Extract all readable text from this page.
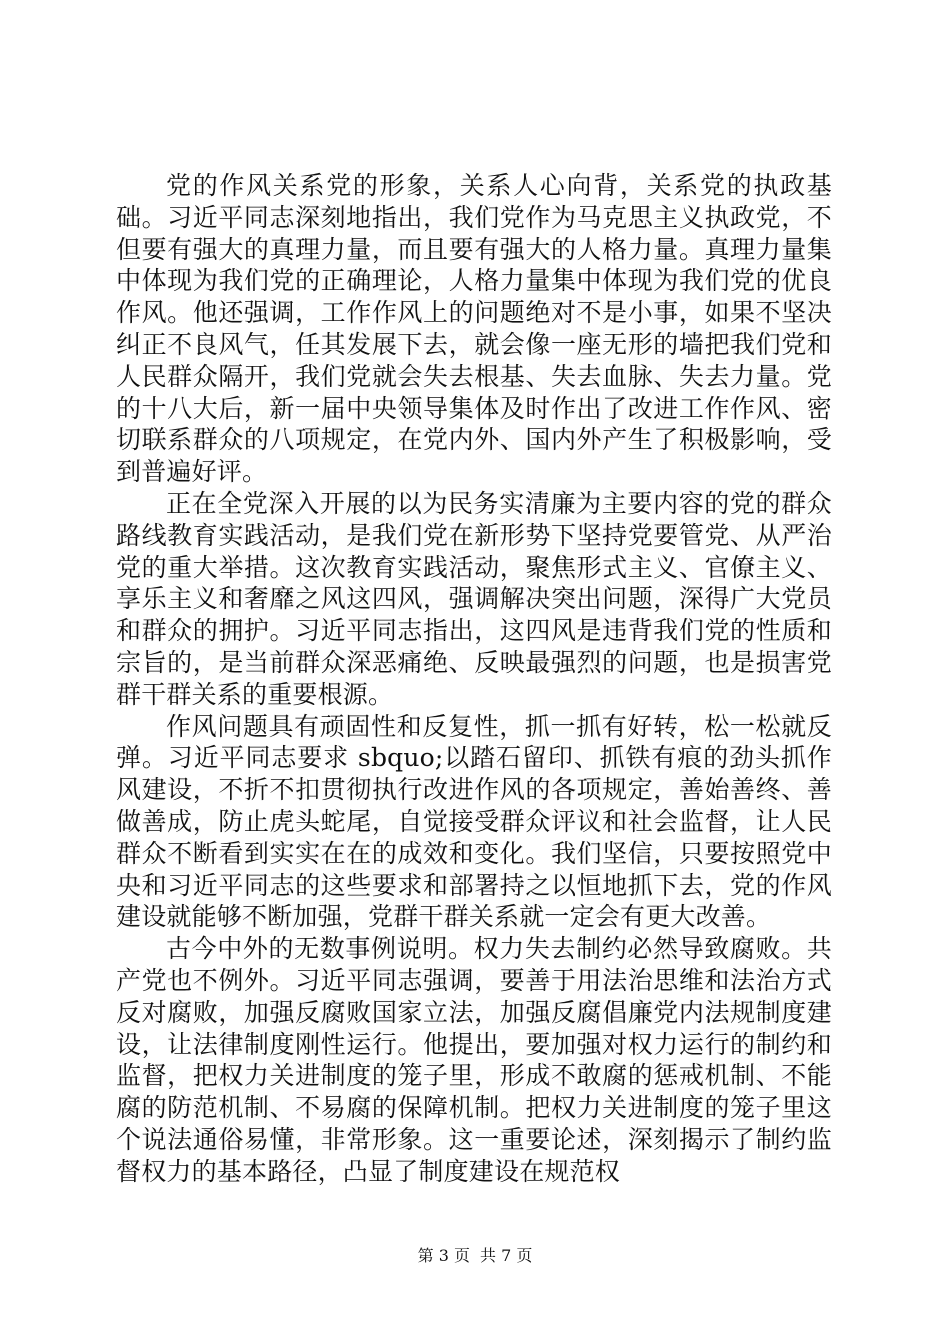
党的作风关系党的形象，关系人心向背，关系党的执政基础。习近平同志深刻地指出，我们党作为马克思主义执政党，不但要有强大的真理力量，而且要有强大的人格力量。真理力量集中体现为我们党的正确理论，人格力量集中体现为我们党的优良作风。他还强调，工作作风上的问题绝对不是小事，如果不坚决纠正不良风气，任其发展下去，就会像一座无形的墙把我们党和人民群众隔开，我们党就会失去根基、失去血脉、失去力量。党的十八大后，新一届中央领导集体及时作出了改进工作作风、密切联系群众的八项规定，在党内外、国内外产生了积极影响，受到普遍好评。

正在全党深入开展的以为民务实清廉为主要内容的党的群众路线教育实践活动，是我们党在新形势下坚持党要管党、从严治党的重大举措。这次教育实践活动，聚焦形式主义、官僚主义、享乐主义和奢靡之风这四风，强调解决突出问题，深得广大党员和群众的拥护。习近平同志指出，这四风是违背我们党的性质和宗旨的，是当前群众深恶痛绝、反映最强烈的问题，也是损害党群干群关系的重要根源。

作风问题具有顽固性和反复性，抓一抓有好转，松一松就反弹。习近平同志要求 sbquo;以踏石留印、抓铁有痕的劲头抓作风建设，不折不扣贯彻执行改进作风的各项规定，善始善终、善做善成，防止虎头蛇尾，自觉接受群众评议和社会监督，让人民群众不断看到实实在在的成效和变化。我们坚信，只要按照党中央和习近平同志的这些要求和部署持之以恒地抓下去，党的作风建设就能够不断加强，党群干群关系就一定会有更大改善。

古今中外的无数事例说明。权力失去制约必然导致腐败。共产党也不例外。习近平同志强调，要善于用法治思维和法治方式反对腐败，加强反腐败国家立法，加强反腐倡廉党内法规制度建设，让法律制度刚性运行。他提出，要加强对权力运行的制约和监督，把权力关进制度的笼子里，形成不敢腐的惩戒机制、不能腐的防范机制、不易腐的保障机制。把权力关进制度的笼子里这个说法通俗易懂，非常形象。这一重要论述，深刻揭示了制约监督权力的基本路径，凸显了制度建设在规范权

第 3 页 共 7 页
